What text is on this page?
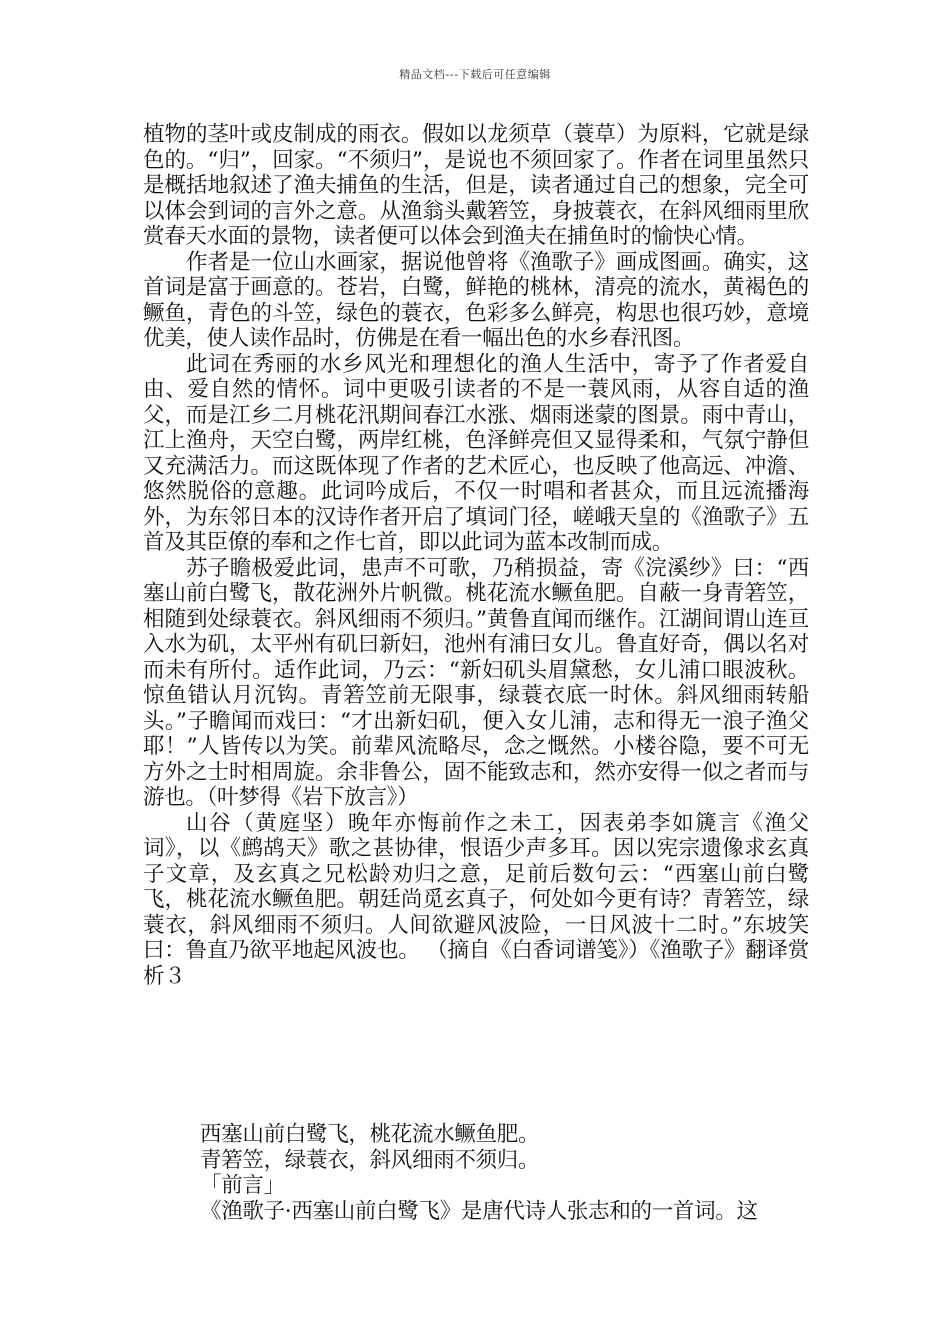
精品文档---下载后可任意编辑

植物的茎叶或皮制成的雨衣。假如以龙须草（蓑草）为原料，它就是绿色的。“归”，回家。“不须归”，是说也不须回家了。作者在词里虽然只是概括地叙述了渔夫捕鱼的生活，但是，读者通过自己的想象，完全可以体会到词的言外之意。从渔翁头戴箬笠，身披蓑衣，在斜风细雨里欣赏春天水面的景物，读者便可以体会到渔夫在捕鱼时的愉快心情。

作者是一位山水画家，据说他曾将《渔歌子》画成图画。确实，这首词是富于画意的。苍岩，白鹭，鲜艳的桃林，清亮的流水，黄褐色的鳜鱼，青色的斗笠，绿色的蓑衣，色彩多么鲜亮，构思也很巧妙，意境优美，使人读作品时，仿佛是在看一幅出色的水乡春汛图。

此词在秀丽的水乡风光和理想化的渔人生活中，寄予了作者爱自由、爱自然的情怀。词中更吸引读者的不是一蓑风雨，从容自适的渔父，而是江乡二月桃花汛期间春江水涨、烟雨迷蒙的图景。雨中青山，江上渔舟，天空白鹭，两岸红桃，色泽鲜亮但又显得柔和，气氛宁静但又充满活力。而这既体现了作者的艺术匠心，也反映了他高远、冲澹、悠然脱俗的意趣。此词吟成后，不仅一时唱和者甚众，而且远流播海外，为东邻日本的汉诗作者开启了填词门径，嵯峨天皇的《渔歌子》五首及其臣僚的奉和之作七首，即以此词为蓝本改制而成。

苏子瞻极爱此词，患声不可歌，乃稍损益，寄《浣溪纱》曰：“西塞山前白鹭飞，散花洲外片帆微。桃花流水鳜鱼肥。自蔽一身青箬笠，相随到处绿蓑衣。斜风细雨不须归。”黄鲁直闻而继作。江湖间谓山连亘入水为矶，太平州有矶曰新妇，池州有浦曰女儿。鲁直好奇，偶以名对而未有所付。适作此词，乃云：“新妇矶头眉黛愁，女儿浦口眼波秋。惊鱼错认月沉钩。青箬笠前无限事，绿蓑衣底一时休。斜风细雨转船头。”子瞻闻而戏曰：“才出新妇矶，便入女儿浦，志和得无一浪子渔父耶！”人皆传以为笑。前辈风流略尽，念之慨然。小楼谷隐，要不可无方外之士时相周旋。余非鲁公，固不能致志和，然亦安得一似之者而与游也。（叶梦得《岩下放言》）

山谷（黄庭坚）晚年亦悔前作之未工，因表弟李如篪言《渔父词》，以《鹧鸪天》歌之甚协律，恨语少声多耳。因以宪宗遗像求玄真子文章，及玄真之兄松龄劝归之意，足前后数句云：“西塞山前白鹭飞，桃花流水鳜鱼肥。朝廷尚觅玄真子，何处如今更有诗？青箬笠，绿蓑衣，斜风细雨不须归。人间欲避风波险，一日风波十二时。”东坡笑曰：鲁直乃欲平地起风波也。 （摘自《白香词谱笺》）《渔歌子》翻译赏析３

西塞山前白鹭飞，桃花流水鳜鱼肥。

青箬笠，绿蓑衣，斜风细雨不须归。

「前言」

《渔歌子·西塞山前白鹭飞》是唐代诗人张志和的一首词。这
